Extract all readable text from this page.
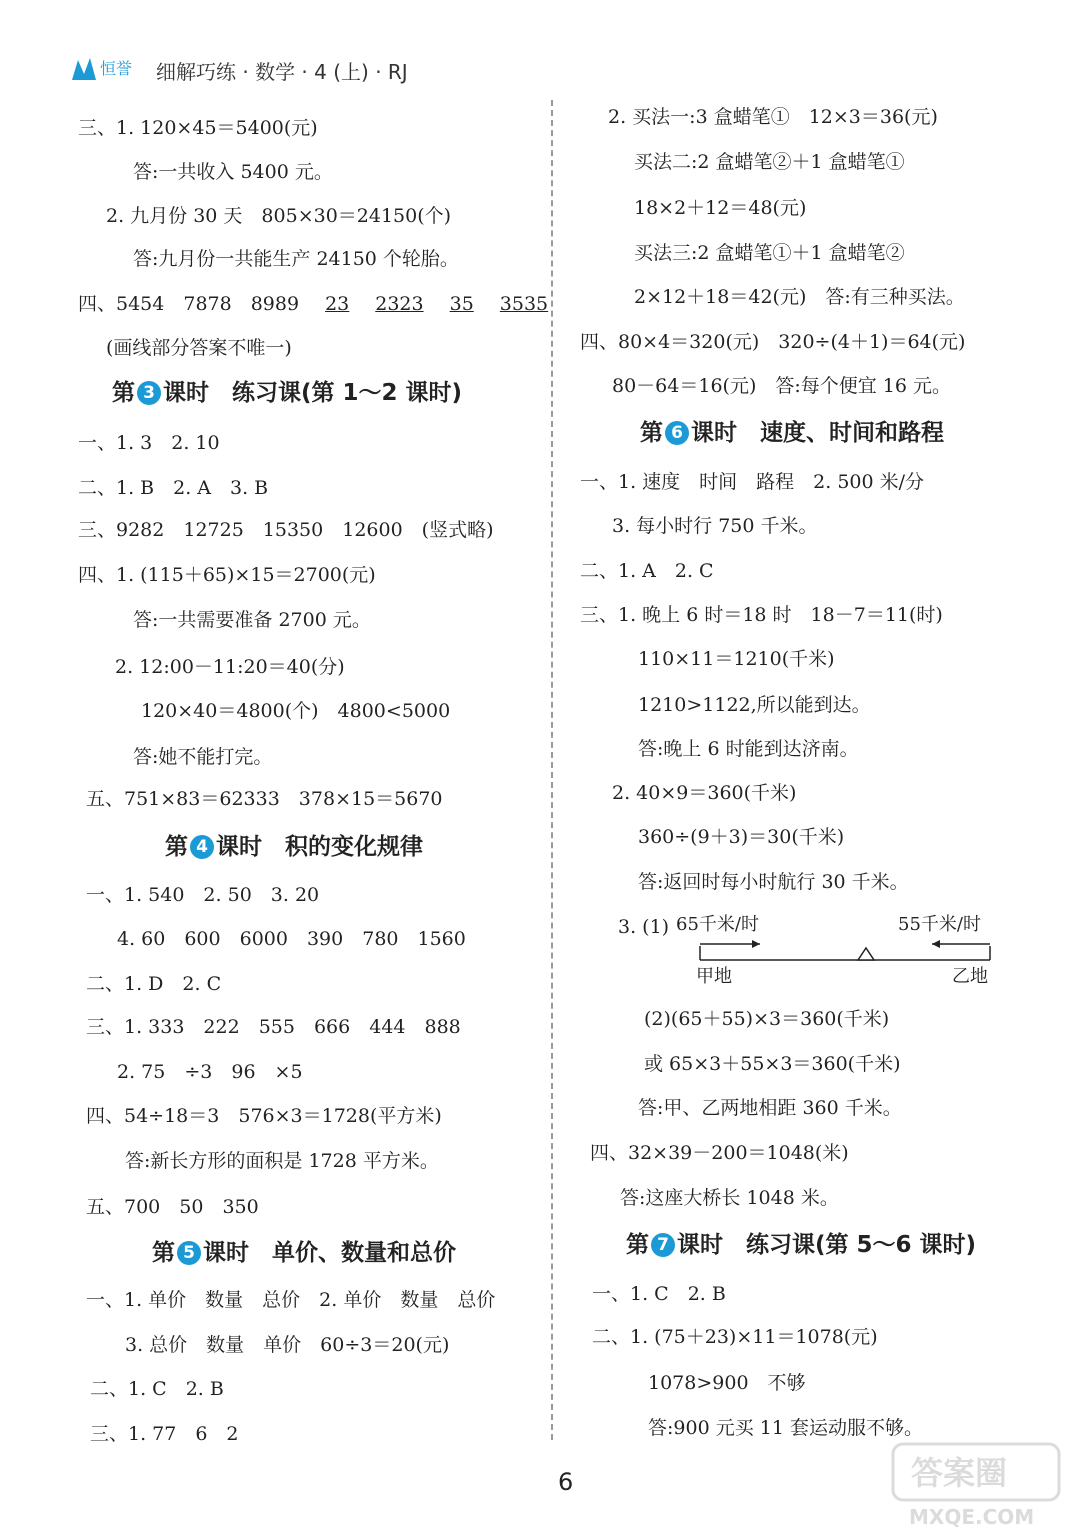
恒誉 细解巧练 · 数学 · 4 (上) · RJ
三、1. 120×45＝5400(元)
答:一共收入 5400 元。
2. 九月份 30 天　805×30＝24150(个)
答:九月份一共能生产 24150 个轮胎。
四、5454　7878　8989 23 2323 35 3535
(画线部分答案不唯一)
第 3 课时　练习课(第 1～2 课时)
一、1. 3　2. 10
二、1. B　2. A　3. B
三、9282　12725　15350　12600　(竖式略)
四、1. (115＋65)×15＝2700(元)
答:一共需要准备 2700 元。
2. 12:00－11:20＝40(分)
120×40＝4800(个)　4800<5000
答:她不能打完。
五、751×83＝62333　378×15＝5670
第 4 课时　积的变化规律
一、1. 540　2. 50　3. 20
4. 60　600　6000　390　780　1560
二、1. D　2. C
三、1. 333　222　555　666　444　888
2. 75　÷3　96　×5
四、54÷18＝3　576×3＝1728(平方米)
答:新长方形的面积是 1728 平方米。
五、700　50　350
第 5 课时　单价、数量和总价
一、1. 单价　数量　总价　2. 单价　数量　总价
3. 总价　数量　单价　60÷3＝20(元)
二、1. C　2. B
三、1. 77　6　2
2. 买法一:3 盒蜡笔①　12×3＝36(元)
买法二:2 盒蜡笔②＋1 盒蜡笔①
18×2＋12＝48(元)
买法三:2 盒蜡笔①＋1 盒蜡笔②
2×12＋18＝42(元)　答:有三种买法。
四、80×4＝320(元)　320÷(4＋1)＝64(元)
80－64＝16(元)　答:每个便宜 16 元。
第 6 课时　速度、时间和路程
一、1. 速度　时间　路程　2. 500 米/分
3. 每小时行 750 千米。
二、1. A　2. C
三、1. 晚上 6 时＝18 时　18－7＝11(时)
110×11＝1210(千米)
1210>1122,所以能到达。
答:晚上 6 时能到达济南。
2. 40×9＝360(千米)
360÷(9＋3)＝30(千米)
答:返回时每小时航行 30 千米。
3. (1) 65千米/时	55千米/时
甲地	乙地
(2)(65＋55)×3＝360(千米)
或 65×3＋55×3＝360(千米)
答:甲、乙两地相距 360 千米。
四、32×39－200＝1048(米)
答:这座大桥长 1048 米。
第 7 课时　练习课(第 5～6 课时)
一、1. C　2. B
二、1. (75＋23)×11＝1078(元)
1078>900　不够
答:900 元买 11 套运动服不够。
6	答案圈
MXQE.COM
